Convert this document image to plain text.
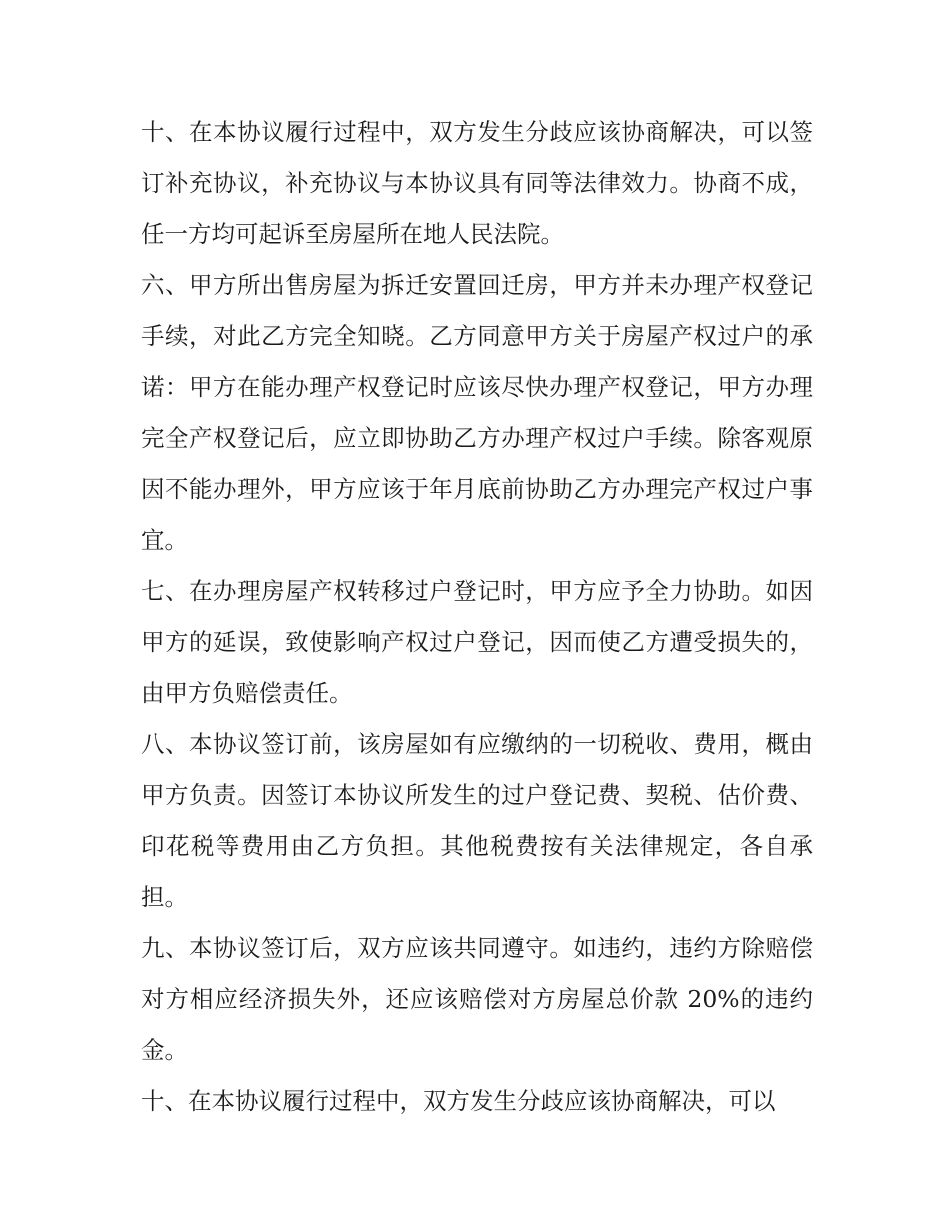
十、在本协议履行过程中，双方发生分歧应该协商解决，可以签订补充协议，补充协议与本协议具有同等法律效力。协商不成，任一方均可起诉至房屋所在地人民法院。

六、甲方所出售房屋为拆迁安置回迁房，甲方并未办理产权登记手续，对此乙方完全知晓。乙方同意甲方关于房屋产权过户的承诺：甲方在能办理产权登记时应该尽快办理产权登记，甲方办理完全产权登记后，应立即协助乙方办理产权过户手续。除客观原因不能办理外，甲方应该于年月底前协助乙方办理完产权过户事宜。

七、在办理房屋产权转移过户登记时，甲方应予全力协助。如因甲方的延误，致使影响产权过户登记，因而使乙方遭受损失的，由甲方负赔偿责任。

八、本协议签订前，该房屋如有应缴纳的一切税收、费用，概由甲方负责。因签订本协议所发生的过户登记费、契税、估价费、印花税等费用由乙方负担。其他税费按有关法律规定，各自承担。

九、本协议签订后，双方应该共同遵守。如违约，违约方除赔偿对方相应经济损失外，还应该赔偿对方房屋总价款 20%的违约金。

十、在本协议履行过程中，双方发生分歧应该协商解决，可以
